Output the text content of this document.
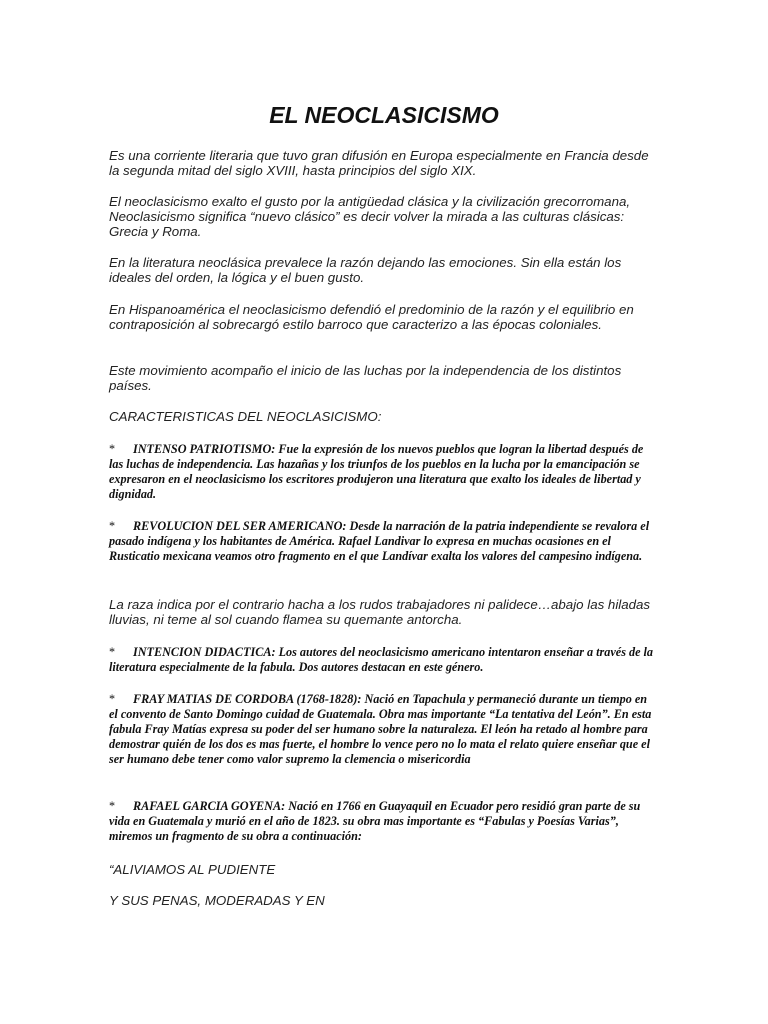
EL NEOCLASICISMO

Es una corriente literaria que tuvo gran difusión en Europa especialmente en Francia desde la segunda mitad del siglo XVIII, hasta principios del siglo XIX.

El neoclasicismo exalto el gusto por la antigüedad clásica y la civilización grecorromana, Neoclasicismo significa “nuevo clásico” es decir volver la mirada a las culturas clásicas: Grecia y Roma.

En la literatura neoclásica prevalece la razón dejando las emociones. Sin ella están los ideales del orden, la lógica y el buen gusto.

En Hispanoamérica el neoclasicismo defendió el predominio de la razón y el equilibrio en contraposición al sobrecargó estilo barroco que caracterizo a las épocas coloniales.

Este movimiento acompaño el inicio de las luchas por la independencia de los distintos países.

CARACTERISTICAS DEL NEOCLASICISMO:

* INTENSO PATRIOTISMO: Fue la expresión de los nuevos pueblos que logran la libertad después de las luchas de independencia. Las hazañas y los triunfos de los pueblos en la lucha por la emancipación se expresaron en el neoclasicismo los escritores produjeron una literatura que exalto los ideales de libertad y dignidad.

* REVOLUCION DEL SER AMERICANO: Desde la narración de la patria independiente se revalora el pasado indígena y los habitantes de América. Rafael Landivar lo expresa en muchas ocasiones en el Rusticatio mexicana veamos otro fragmento en el que Landívar exalta los valores del campesino indígena.

La raza indica por el contrario hacha a los rudos trabajadores ni palidece…abajo las hiladas lluvias, ni teme al sol cuando flamea su quemante antorcha.

* INTENCION DIDACTICA: Los autores del neoclasicismo americano intentaron enseñar a través de la literatura especialmente de la fabula. Dos autores destacan en este género.

* FRAY MATIAS DE CORDOBA (1768-1828): Nació en Tapachula y permaneció durante un tiempo en el convento de Santo Domingo cuidad de Guatemala. Obra mas importante “La tentativa del León”. En esta fabula Fray Matías expresa su poder del ser humano sobre la naturaleza. El león ha retado al hombre para demostrar quién de los dos es mas fuerte, el hombre lo vence pero no lo mata el relato quiere enseñar que el ser humano debe tener como valor supremo la clemencia o misericordia

* RAFAEL GARCIA GOYENA: Nació en 1766 en Guayaquil en Ecuador pero residió gran parte de su vida en Guatemala y murió en el año de 1823. su obra mas importante es “Fabulas y Poesías Varias”, miremos un fragmento de su obra a continuación:

“ALIVIAMOS AL PUDIENTE

Y SUS PENAS, MODERADAS Y EN
